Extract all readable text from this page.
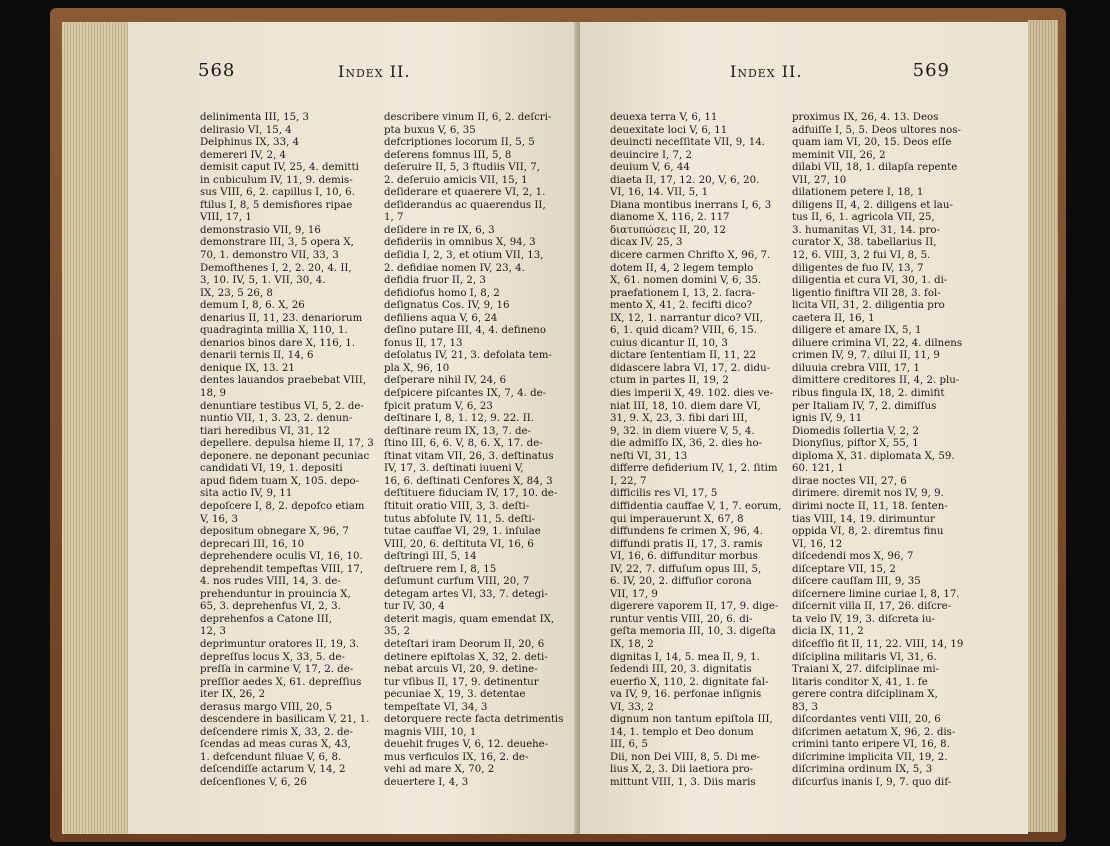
568	Index II.
delinimenta III, 15, 3
delirasio VI, 15, 4
Delphinus IX, 33, 4
demereri IV, 2, 4
demisit caput IV, 25, 4. demitti
in cubiculum IV, 11, 9. demis-
sus VIII, 6, 2. capillus I, 10, 6.
ftilus I, 8, 5 demisfiores ripae
VIII, 17, 1
demonstrasio VII, 9, 16
demonstrare III, 3, 5 opera X,
70, 1. demonstro VII, 33, 3
Demofthenes I, 2, 2. 20, 4. II,
3, 10. IV, 5, 1. VII, 30, 4.
IX, 23, 5 26, 8
demum I, 8, 6. X, 26
denarius II, 11, 23. denariorum
quadraginta millia X, 110, 1.
denarios binos dare X, 116, 1.
denarii ternis II, 14, 6
denique IX, 13. 21
dentes lauandos praebebat VIII,
18, 9
denuntiare testibus VI, 5, 2. de-
nuntio VII, 1, 3. 23, 2. denun-
tiari heredibus VI, 31, 12
depellere. depulsa hieme II, 17, 3
deponere. ne deponant pecuniac
candidati VI, 19, 1. depositi
apud fidem tuam X, 105. depo-
sita actio IV, 9, 11
depoſcere I, 8, 2. depofco etiam
V, 16, 3
depositum obnegare X, 96, 7
deprecari III, 16, 10
deprehendere oculis VI, 16, 10.
deprehendit tempeftas VIII, 17,
4. nos rudes VIII, 14, 3. de-
prehenduntur in prouincia X,
65, 3. deprehenfus VI, 2, 3.
deprehenfos a Catone III,
12, 3
deprimuntur oratores II, 19, 3.
depreſſus locus X, 33, 5. de-
preſſa in carmine V, 17, 2. de-
preſſior aedes X, 61. depreſſius
iter IX, 26, 2
derasus margo VIII, 20, 5
descendere in basilicam V, 21, 1.
deſcendere rimis X, 33, 2. de-
ſcendas ad meas curas X, 43,
1. defcendunt filuae V, 6, 8.
deſcendiſſe actarum V, 14, 2
deſcenſiones V, 6, 26
describere vinum II, 6, 2. deſcri-
pta buxus V, 6, 35
defcriptiones locorum II, 5, 5
deſerens fomnus III, 5, 8
deſeruire II, 5, 3 ftudiis VII, 7,
2. deſeruio amicis VII, 15, 1
deſiderare et quaerere VI, 2, 1.
deſiderandus ac quaerendus II,
1, 7
deſidere in re IX, 6, 3
defideriis in omnibus X, 94, 3
deſidia I, 2, 3, et otium VII, 13,
2. defidiae nomen IV, 23, 4.
defidia fruor II, 2, 3
defidiofus homo I, 8, 2
deſignatus Cos. IV, 9, 16
defiliens aqua V, 6, 24
deſino putare III, 4, 4. defineno
fonus II, 17, 13
deſolatus IV, 21, 3. defolata tem-
pla X, 96, 10
deſperare nihil IV, 24, 6
deſpicere piſcantes IX, 7, 4. de-
fpicit pratum V, 6, 23
deſtinare I, 8, 1. 12, 9. 22. II.
deſtinare reum IX, 13, 7. de-
ſtino III, 6, 6. V, 8, 6. X, 17. de-
ſtinat vitam VII, 26, 3. deſtinatus
IV, 17, 3. deſtinati iuueni V,
16, 6. deſtinati Cenfores X, 84, 3
deſtituere fiduciam IV, 17, 10. de-
ſtituit oratio VIII, 3, 3. deſti-
tutus abfolute IV, 11, 5. deſti-
tutae cauffae VI, 29, 1. inſulae
VIII, 20, 6. deſtituta VI, 16, 6
deſtringi III, 5, 14
deſtruere rem I, 8, 15
deſumunt curfum VIII, 20, 7
detegam artes VI, 33, 7. detegi-
tur IV, 30, 4
deterit magis, quam emendat IX,
35, 2
deteſtari iram Deorum II, 20, 6
detinere epiftolas X, 32, 2. deti-
nebat arcuis VI, 20, 9. detine-
tur vſibus II, 17, 9. detinentur
pecuniae X, 19, 3. detentae
tempeſtate VI, 34, 3
detorquere recte facta detrimentis
magnis VIII, 10, 1
deuehit fruges V, 6, 12. deuehe-
mus verficulos IX, 16, 2. de-
vehi ad mare X, 70, 2
deuertere I, 4, 3
Index II.	569
deuexa terra V, 6, 11
deuexitate loci V, 6, 11
deuincti neceſſitate VII, 9, 14.
deuincire I, 7, 2
deuium V, 6, 44
diaeta II, 17, 12. 20, V, 6, 20.
VI, 16, 14. VII, 5, 1
Diana montibus inerrans I, 6, 3
dianome X, 116, 2. 117
διατυπώσεις II, 20, 12
dicax IV, 25, 3
dicere carmen Chrifto X, 96, 7.
dotem II, 4, 2 legem templo
X, 61. nomen domini V, 6, 35.
praefationem I, 13, 2. ſacra-
mento X, 41, 2. fecifti dico?
IX, 12, 1. narrantur dico? VII,
6, 1. quid dicam? VIII, 6, 15.
cuius dicantur II, 10, 3
dictare ſententiam II, 11, 22
didascere labra VI, 17, 2. didu-
ctum in partes II, 19, 2
dies imperii X, 49. 102. dies ve-
niat III, 18, 10. diem dare VI,
31, 9. X, 23, 3. fibi dari III,
9, 32. in diem viuere V, 5, 4.
die admiſſo IX, 36, 2. dies ho-
neſti VI, 31, 13
differre defiderium IV, 1, 2. ſitim
I, 22, 7
difficilis res VI, 17, 5
diffidentia cauffae V, 1, 7. eorum,
qui imperauerunt X, 67, 8
diffundens fe crimen X, 96, 4.
diffundi pratis II, 17, 3. ramis
VI, 16, 6. diffunditur morbus
IV, 22, 7. diffuſum opus III, 5,
6. IV, 20, 2. diffuſior corona
VII, 17, 9
digerere vaporem II, 17, 9. dige-
runtur ventis VIII, 20, 6. di-
geſta memoria III, 10, 3. digeſta
IX, 18, 2
dignitas I, 14, 5. mea II, 9, 1.
ſedendi III, 20, 3. dignitatis
euerfio X, 110, 2. dignitate fal-
va IV, 9, 16. perfonae inſignis
VI, 33, 2
dignum non tantum epiſtola III,
14, 1. templo et Deo donum
III, 6, 5
Dii, non Dei VIII, 8, 5. Di me-
lius X, 2, 3. Dii laetiora pro-
mittunt VIII, 1, 3. Diis maris
proximus IX, 26, 4. 13. Deos
adfuiſſe I, 5, 5. Deos ultores nos-
quam iam VI, 20, 15. Deos eſſe
meminit VII, 26, 2
dilabi VII, 18, 1. dilapſa repente
VII, 27, 10
dilationem petere I, 18, 1
diligens II, 4, 2. diligens et lau-
tus II, 6, 1. agricola VII, 25,
3. humanitas VI, 31, 14. pro-
curator X, 38. tabellarius II,
12, 6. VIII, 3, 2 fui VI, 8, 5.
diligentes de fuo IV, 13, 7
diligentia et cura VI, 30, 1. di-
ligentio finiftra VII 28, 3. fol-
licita VII, 31, 2. diligentia pro
caetera II, 16, 1
diligere et amare IX, 5, 1
diluere crimina VI, 22, 4. dilnens
crimen IV, 9, 7. dilui II, 11, 9
diluuia crebra VIII, 17, 1
dimittere creditores II, 4, 2. plu-
ribus fingula IX, 18, 2. dimifit
per Italiam IV, 7, 2. dimiſſus
ignis IV, 9, 11
Diomedis ſollertia V, 2, 2
Dionyſius, piftor X, 55, 1
diploma X, 31. diplomata X, 59.
60. 121, 1
dirae noctes VII, 27, 6
dirimere. diremit nos IV, 9, 9.
dirimi nocte II, 11, 18. ſenten-
tias VIII, 14, 19. dirimuntur
oppida VI, 8, 2. diremtus finu
VI, 16, 12
diſcedendi mos X, 96, 7
diſceptare VII, 15, 2
diſcere cauſſam III, 9, 35
diſcernere limine curiae I, 8, 17.
diſcernit villa II, 17, 26. diſcre-
ta velo IV, 19, 3. diſcreta iu-
dicia IX, 11, 2
diſceſſio fit II, 11, 22. VIII, 14, 19
diſciplina militaris VI, 31, 6.
Traiani X, 27. difciplinae mi-
litaris conditor X, 41, 1. fe
gerere contra diſciplinam X,
83, 3
diſcordantes venti VIII, 20, 6
diſcrimen aetatum X, 96, 2. dis-
crimini tanto eripere VI, 16, 8.
diſcrimine implicita VII, 19, 2.
diſcrimina ordinum IX, 5, 3
diſcurſus inanis I, 9, 7. quo dif-
